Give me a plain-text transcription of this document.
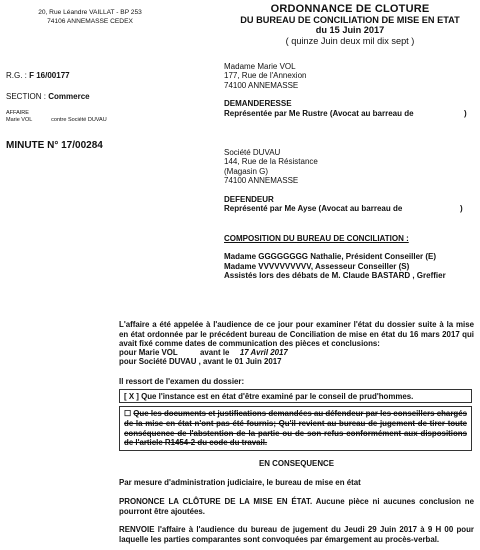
20, Rue Léandre VAILLAT - BP 253
74106 ANNEMASSE CEDEX
ORDONNANCE DE CLOTURE
DU BUREAU DE CONCILIATION DE MISE EN ETAT
du 15 Juin 2017
( quinze Juin deux mil dix sept )
R.G. : F 16/00177
SECTION : Commerce
AFFAIRE
Marie VOL	contre Société DUVAU
MINUTE N° 17/00284
Madame Marie VOL
177, Rue de l'Annexion
74100 ANNEMASSE
DEMANDERESSE
Représentée par Me Rustre (Avocat au barreau de	)
Société DUVAU
144, Rue de la Résistance
(Magasin G)
74100 ANNEMASSE
DEFENDEUR
Représenté par Me Ayse (Avocat au barreau de	)
COMPOSITION DU BUREAU DE CONCILIATION :
Madame GGGGGGGG Nathalie, Président Conseiller (E)
Madame VVVVVVVVVV, Assesseur Conseiller (S)
Assistés lors des débats de M. Claude BASTARD , Greffier
L'affaire a été appelée à l'audience de ce jour pour examiner l'état du dossier suite à la mise en état ordonnée par le précédent bureau de Conciliation de mise en état du 16 mars 2017 qui avait fixé comme dates de communication des pièces et conclusions:
pour Marie VOL	avant le 17 Avril 2017
pour Société DUVAU , avant le 01 Juin 2017
Il ressort de l'examen du dossier:
[ X ] Que l'instance est en état d'être examiné par le conseil de prud'hommes.
☐ Que les documents et justifications demandées au défendeur par les conseillers chargés de la mise en état n'ont pas été fournis; Qu'il revient au bureau de jugement de tirer toute conséquence de l'abstention de la partie ou de son refus conformément aux dispositions de l'article R1454-2 du code du travail.
EN CONSEQUENCE
Par mesure d'administration judiciaire, le bureau de mise en état
PRONONCE LA CLÔTURE DE LA MISE EN ÉTAT. Aucune pièce ni aucunes conclusion ne pourront être ajoutées.
RENVOIE l'affaire à l'audience du bureau de jugement du Jeudi 29 Juin 2017 à 9 H 00 pour laquelle les parties comparantes sont convoquées par émargement au procès-verbal.
